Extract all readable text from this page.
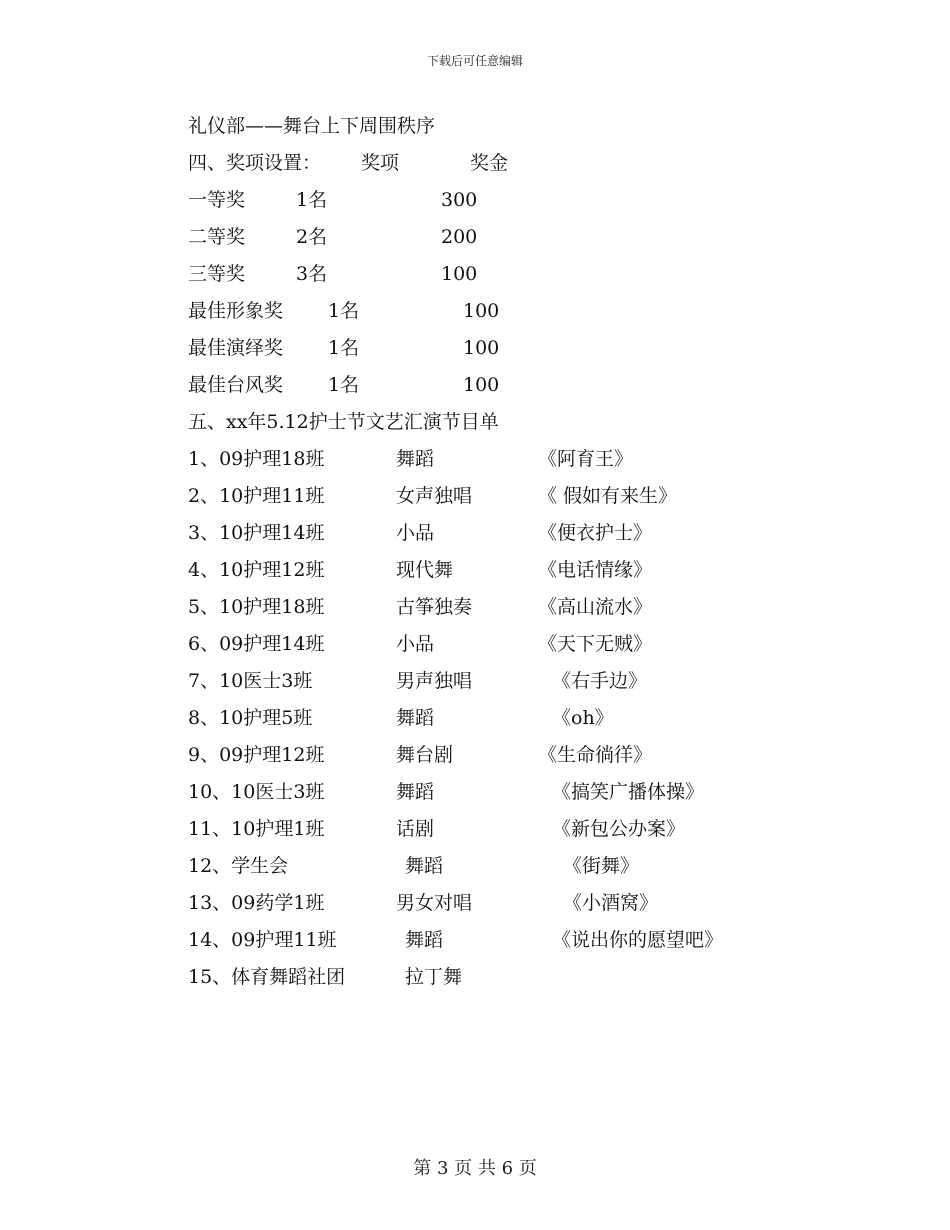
下载后可任意编辑
礼仪部——舞台上下周围秩序
四、奖项设置： 奖项	奖金
一等奖	1名	300
二等奖	2名	200
三等奖	3名	100
最佳形象奖 1名	100
最佳演绎奖 1名	100
最佳台风奖 1名	100
五、xx年5.12护士节文艺汇演节目单
1、09护理18班	舞蹈	《阿育王》
2、10护理11班	女声独唱	《 假如有来生》
3、10护理14班	小品	《便衣护士》
4、10护理12班	现代舞	《电话情缘》
5、10护理18班	古筝独奏	《高山流水》
6、09护理14班	小品	《天下无贼》
7、10医士3班	男声独唱	《右手边》
8、10护理5班	舞蹈	《oh》
9、09护理12班	舞台剧	《生命徜徉》
10、10医士3班	舞蹈	《搞笑广播体操》
11、10护理1班	话剧	《新包公办案》
12、学生会	舞蹈	《街舞》
13、09药学1班	男女对唱	《小酒窝》
14、09护理11班	舞蹈	《说出你的愿望吧》
15、体育舞蹈社团	拉丁舞
第 3 页 共 6 页
